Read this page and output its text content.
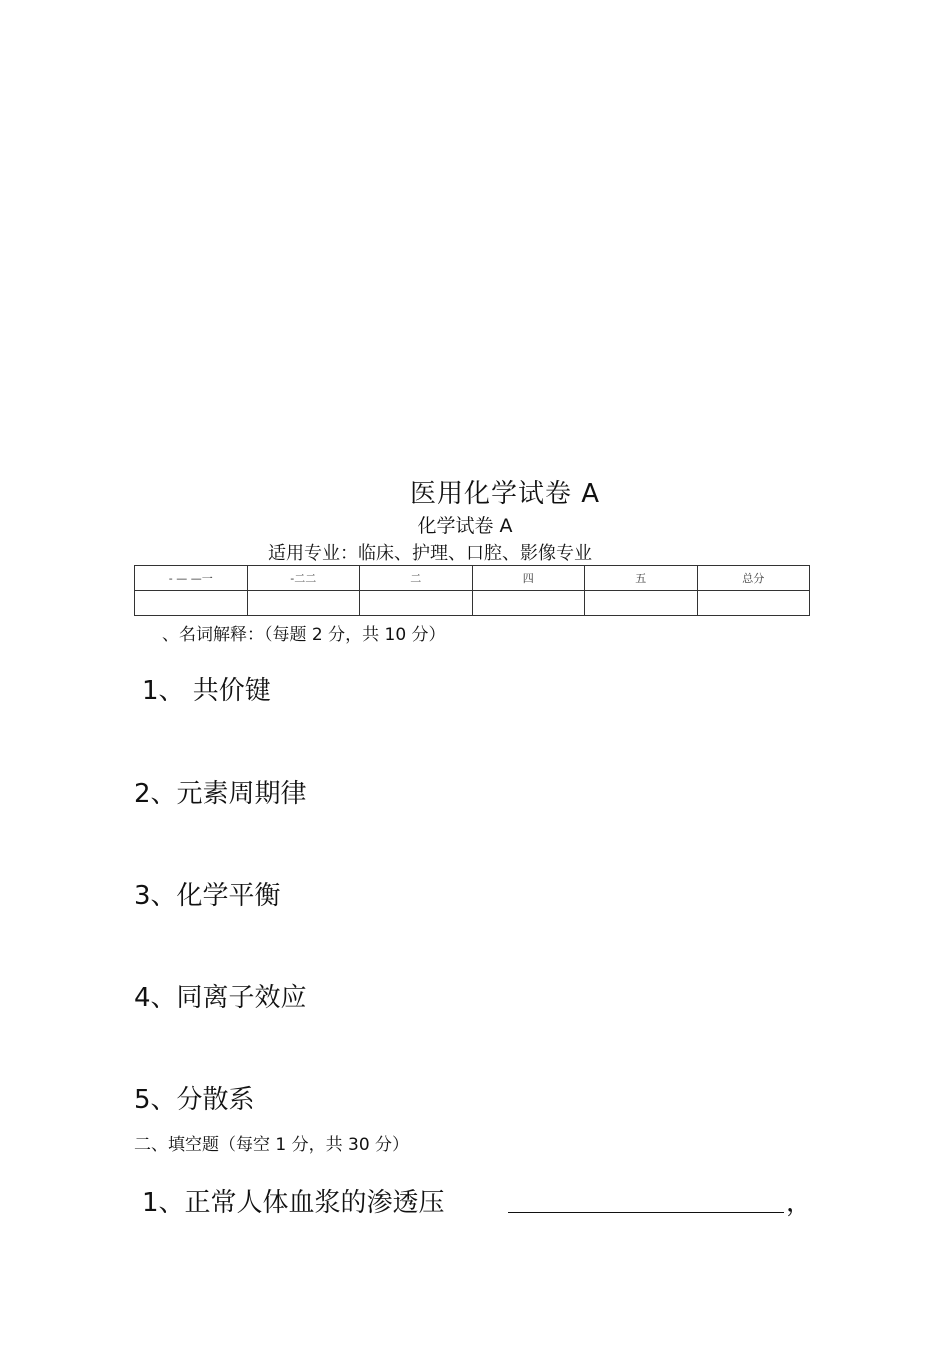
医用化学试卷 A
化学试卷 A
适用专业：临床、护理、口腔、影像专业
- — —一	-二二	二	四	五	总分

、名词解释：（每题 2 分，共 10 分）
1、 共价键
2、元素周期律
3、化学平衡
4、同离子效应
5、分散系
二、填空题（每空 1 分，共 30 分）
1、正常人体血浆的渗透压	，
